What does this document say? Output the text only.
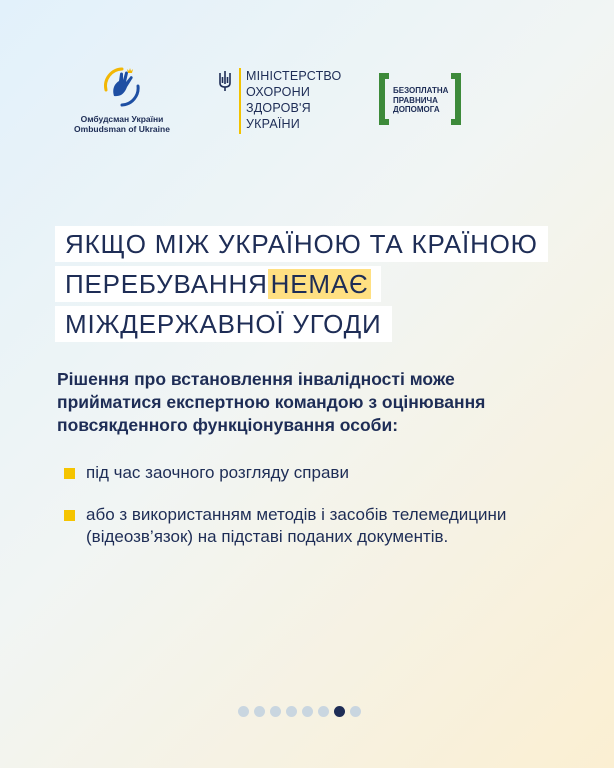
Омбудсман України
Ombudsman of Ukraine
МІНІСТЕРСТВО
ОХОРОНИ
ЗДОРОВ'Я
УКРАЇНИ
БЕЗОПЛАТНА
ПРАВНИЧА
ДОПОМОГА
ЯКЩО МІЖ УКРАЇНОЮ ТА КРАЇНОЮ
ПЕРЕБУВАННЯ НЕМАЄ
МІЖДЕРЖАВНОЇ УГОДИ
Рішення про встановлення інвалідності може прийматися експертною командою з оцінювання повсякденного функціонування особи:
під час заочного розгляду справи
або з використанням методів і засобів телемедицини (відеозв’язок) на підставі поданих документів.
